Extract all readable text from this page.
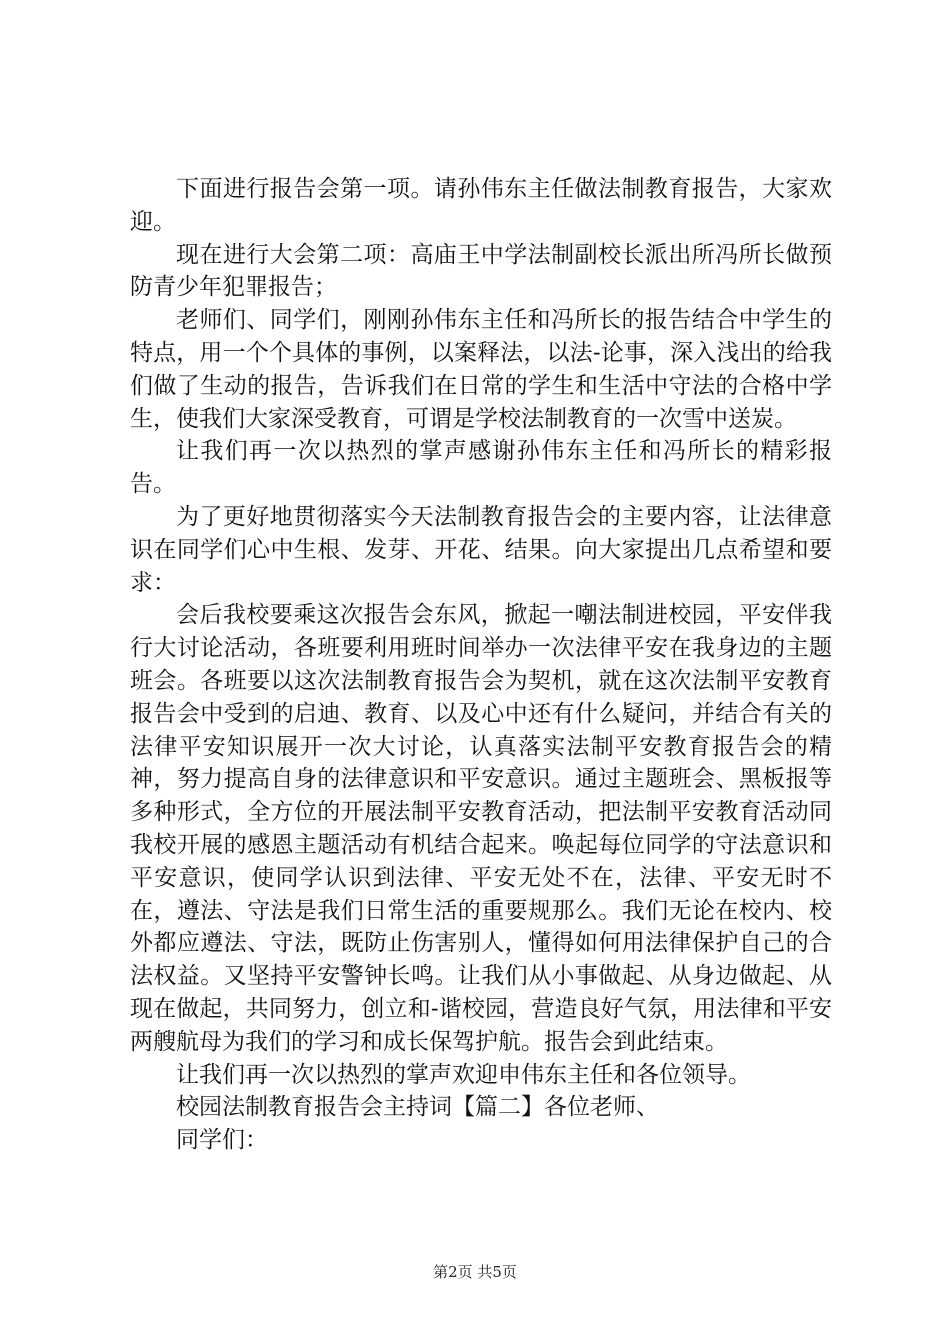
下面进行报告会第一项。请孙伟东主任做法制教育报告，大家欢迎。

现在进行大会第二项：高庙王中学法制副校长派出所冯所长做预防青少年犯罪报告；

老师们、同学们，刚刚孙伟东主任和冯所长的报告结合中学生的特点，用一个个具体的事例，以案释法，以法-论事，深入浅出的给我们做了生动的报告，告诉我们在日常的学生和生活中守法的合格中学生，使我们大家深受教育，可谓是学校法制教育的一次雪中送炭。

让我们再一次以热烈的掌声感谢孙伟东主任和冯所长的精彩报告。

为了更好地贯彻落实今天法制教育报告会的主要内容，让法律意识在同学们心中生根、发芽、开花、结果。向大家提出几点希望和要求：

会后我校要乘这次报告会东风，掀起一嘲法制进校园，平安伴我行大讨论活动，各班要利用班时间举办一次法律平安在我身边的主题班会。各班要以这次法制教育报告会为契机，就在这次法制平安教育报告会中受到的启迪、教育、以及心中还有什么疑问，并结合有关的法律平安知识展开一次大讨论，认真落实法制平安教育报告会的精神，努力提高自身的法律意识和平安意识。通过主题班会、黑板报等多种形式，全方位的开展法制平安教育活动，把法制平安教育活动同我校开展的感恩主题活动有机结合起来。唤起每位同学的守法意识和平安意识，使同学认识到法律、平安无处不在，法律、平安无时不在，遵法、守法是我们日常生活的重要规那么。我们无论在校内、校外都应遵法、守法，既防止伤害别人，懂得如何用法律保护自己的合法权益。又坚持平安警钟长鸣。让我们从小事做起、从身边做起、从现在做起，共同努力，创立和-谐校园，营造良好气氛，用法律和平安两艘航母为我们的学习和成长保驾护航。报告会到此结束。

让我们再一次以热烈的掌声欢迎申伟东主任和各位领导。

校园法制教育报告会主持词【篇二】各位老师、

同学们：

第2页 共5页
